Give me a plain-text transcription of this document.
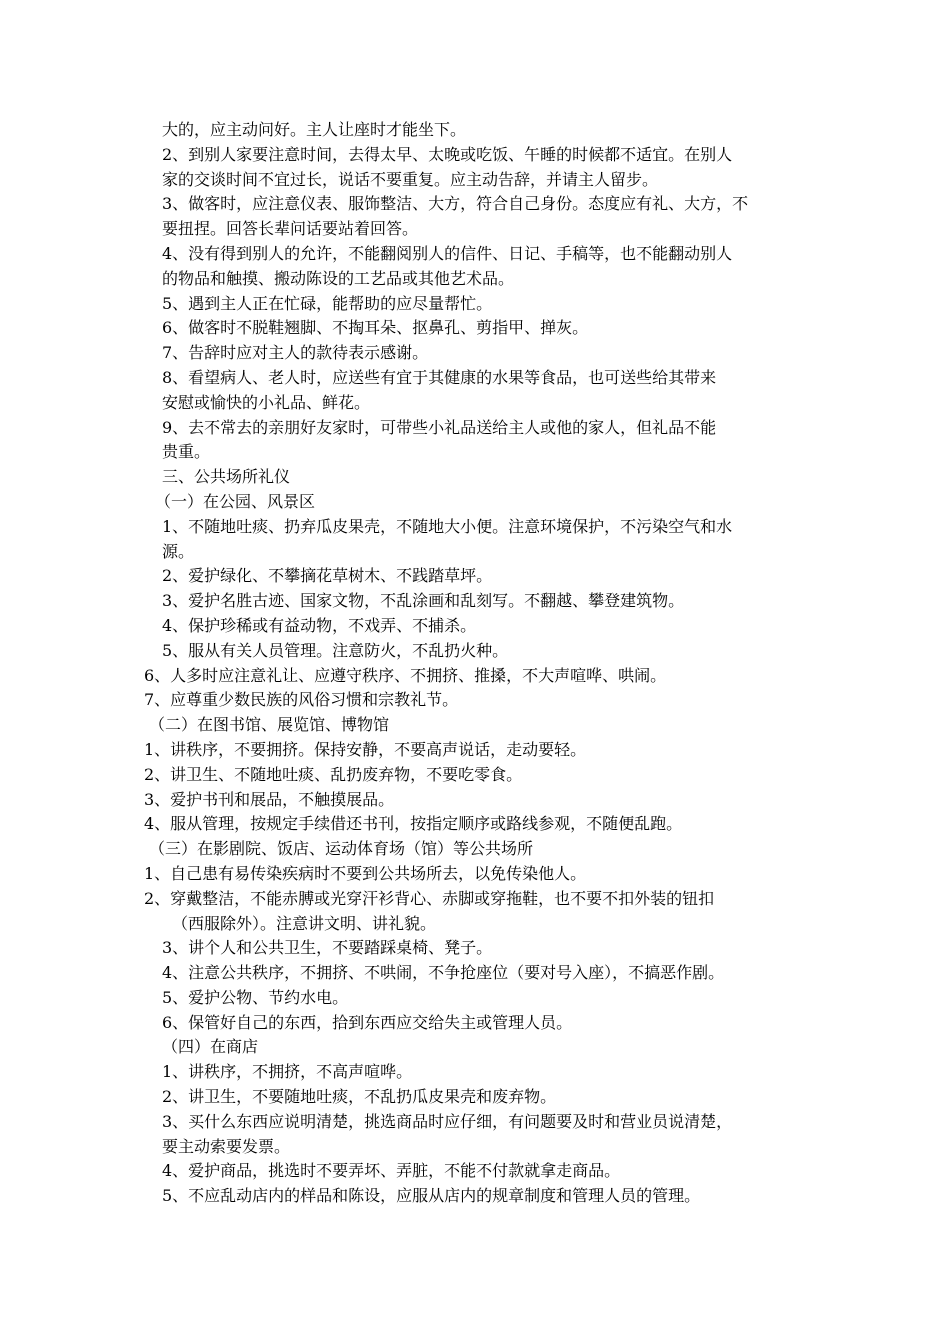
大的，应主动问好。主人让座时才能坐下。
2、到别人家要注意时间，去得太早、太晚或吃饭、午睡的时候都不适宜。在别人
家的交谈时间不宜过长，说话不要重复。应主动告辞，并请主人留步。
3、做客时，应注意仪表、服饰整洁、大方，符合自己身份。态度应有礼、大方，不
要扭捏。回答长辈问话要站着回答。
4、没有得到别人的允许，不能翻阅别人的信件、日记、手稿等，也不能翻动别人
的物品和触摸、搬动陈设的工艺品或其他艺术品。
5、遇到主人正在忙碌，能帮助的应尽量帮忙。
6、做客时不脱鞋翘脚、不掏耳朵、抠鼻孔、剪指甲、掸灰。
7、告辞时应对主人的款待表示感谢。
8、看望病人、老人时，应送些有宜于其健康的水果等食品，也可送些给其带来
安慰或愉快的小礼品、鲜花。
9、去不常去的亲朋好友家时，可带些小礼品送给主人或他的家人，但礼品不能
贵重。
三、公共场所礼仪
（一）在公园、风景区
1、不随地吐痰、扔弃瓜皮果壳，不随地大小便。注意环境保护，不污染空气和水
源。
2、爱护绿化、不攀摘花草树木、不践踏草坪。
3、爱护名胜古迹、国家文物，不乱涂画和乱刻写。不翻越、攀登建筑物。
4、保护珍稀或有益动物，不戏弄、不捕杀。
5、服从有关人员管理。注意防火，不乱扔火种。
6、人多时应注意礼让、应遵守秩序、不拥挤、推搡，不大声喧哗、哄闹。
7、应尊重少数民族的风俗习惯和宗教礼节。
（二）在图书馆、展览馆、博物馆
1、讲秩序，不要拥挤。保持安静，不要高声说话，走动要轻。
2、讲卫生、不随地吐痰、乱扔废弃物，不要吃零食。
3、爱护书刊和展品，不触摸展品。
4、服从管理，按规定手续借还书刊，按指定顺序或路线参观，不随便乱跑。
（三）在影剧院、饭店、运动体育场（馆）等公共场所
1、自己患有易传染疾病时不要到公共场所去，以免传染他人。
2、穿戴整洁，不能赤膊或光穿汗衫背心、赤脚或穿拖鞋，也不要不扣外装的钮扣
（西服除外）。注意讲文明、讲礼貌。
3、讲个人和公共卫生，不要踏踩桌椅、凳子。
4、注意公共秩序，不拥挤、不哄闹，不争抢座位（要对号入座），不搞恶作剧。
5、爱护公物、节约水电。
6、保管好自己的东西，拾到东西应交给失主或管理人员。
（四）在商店
1、讲秩序，不拥挤，不高声喧哗。
2、讲卫生，不要随地吐痰，不乱扔瓜皮果壳和废弃物。
3、买什么东西应说明清楚，挑选商品时应仔细，有问题要及时和营业员说清楚，
要主动索要发票。
4、爱护商品，挑选时不要弄坏、弄脏，不能不付款就拿走商品。
5、不应乱动店内的样品和陈设，应服从店内的规章制度和管理人员的管理。
